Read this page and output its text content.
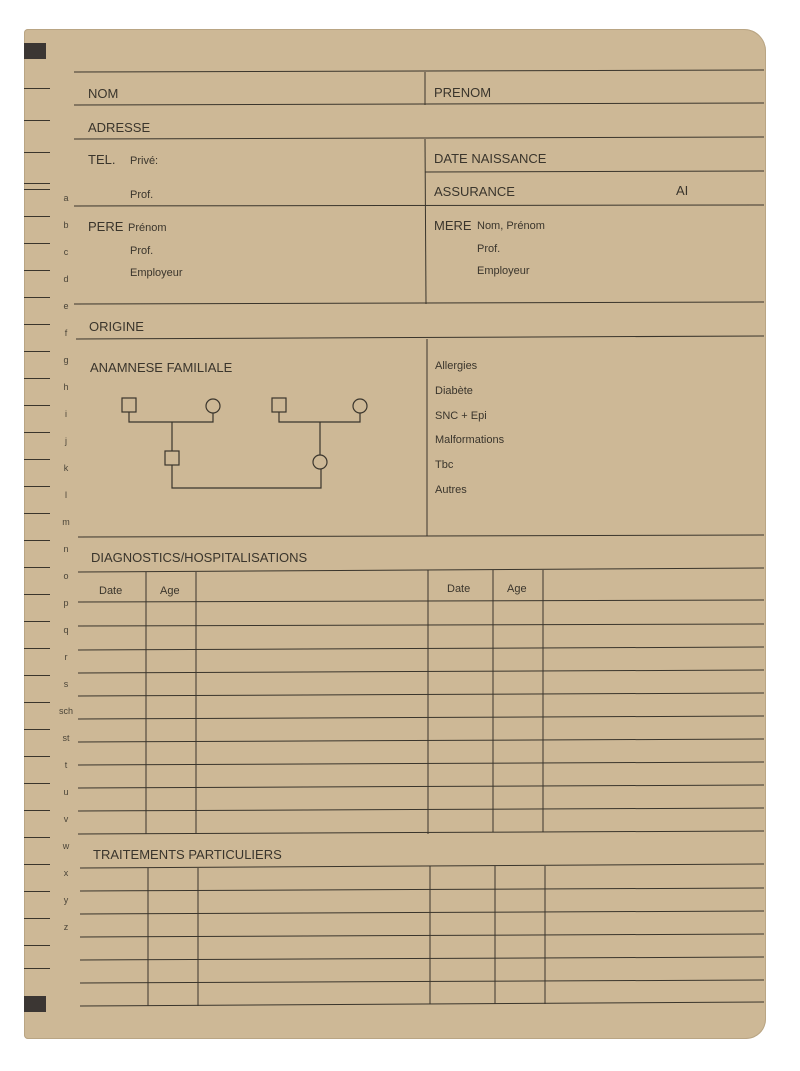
NOM	PRENOM
ADRESSE
TEL. Privé:
Prof.
DATE NAISSANCE
ASSURANCE	AI
PERE Prénom
Prof.
Employeur
MERE Nom, Prénom
Prof.
Employeur
ORIGINE
ANAMNESE FAMILIALE	Allergies
Diabète
SNC + Epi
Malformations
Tbc
Autres
DIAGNOSTICS/HOSPITALISATIONS
Date	Age	Date	Age
TRAITEMENTS PARTICULIERS
a
b
c
d
e
f
g
h
i
j
k
l
m
n
o
p
q
r
s
sch
st
t
u
v
w
x
y
z
